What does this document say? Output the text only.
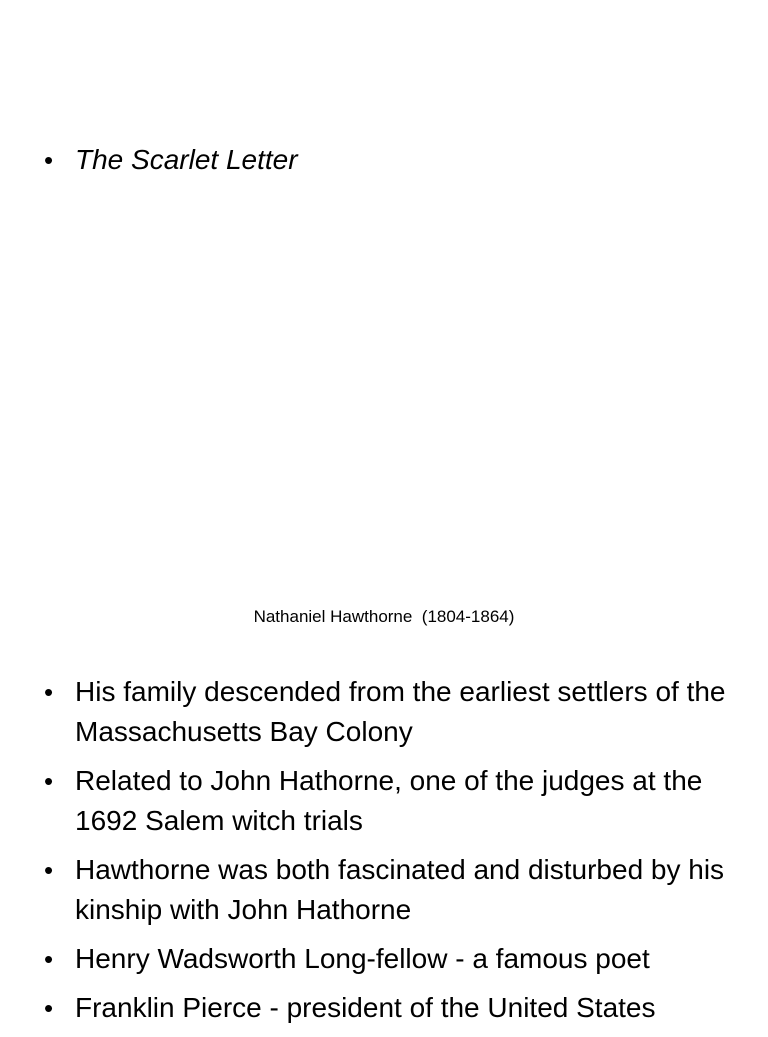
• The Scarlet Letter
Nathaniel Hawthorne  (1804-1864)
• His family descended from the earliest settlers of the Massachusetts Bay Colony
• Related to John Hathorne, one of the judges at the 1692 Salem witch trials
• Hawthorne was both fascinated and disturbed by his kinship with John Hathorne
• Henry Wadsworth Long-fellow - a famous poet
• Franklin Pierce - president of the United States
